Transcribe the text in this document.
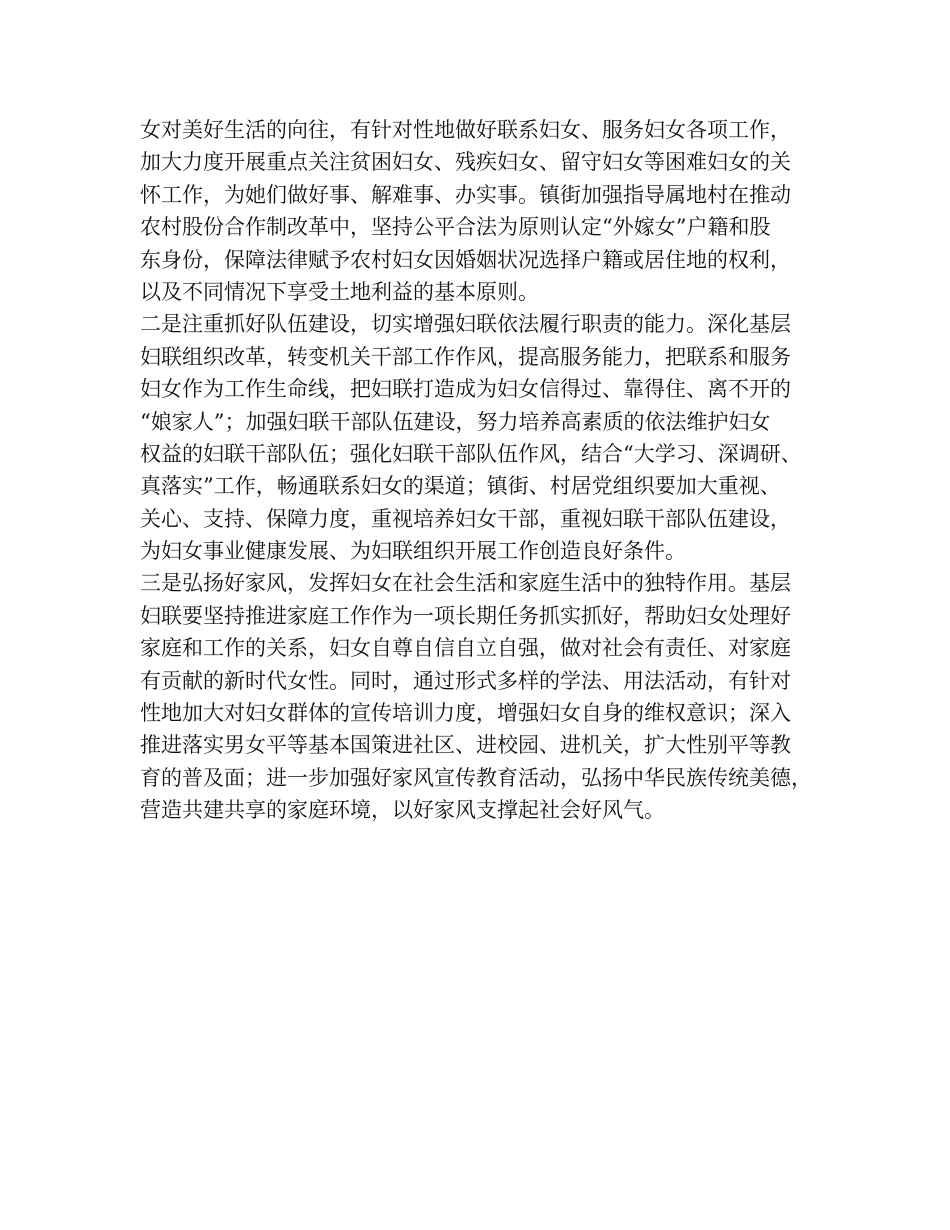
女对美好生活的向往，有针对性地做好联系妇女、服务妇女各项工作，
加大力度开展重点关注贫困妇女、残疾妇女、留守妇女等困难妇女的关
怀工作，为她们做好事、解难事、办实事。镇街加强指导属地村在推动
农村股份合作制改革中，坚持公平合法为原则认定“外嫁女”户籍和股
东身份，保障法律赋予农村妇女因婚姻状况选择户籍或居住地的权利，
以及不同情况下享受土地利益的基本原则。
二是注重抓好队伍建设，切实增强妇联依法履行职责的能力。深化基层
妇联组织改革，转变机关干部工作作风，提高服务能力，把联系和服务
妇女作为工作生命线，把妇联打造成为妇女信得过、靠得住、离不开的
“娘家人”；加强妇联干部队伍建设，努力培养高素质的依法维护妇女
权益的妇联干部队伍；强化妇联干部队伍作风，结合“大学习、深调研、
真落实”工作，畅通联系妇女的渠道；镇街、村居党组织要加大重视、
关心、支持、保障力度，重视培养妇女干部，重视妇联干部队伍建设，
为妇女事业健康发展、为妇联组织开展工作创造良好条件。
三是弘扬好家风，发挥妇女在社会生活和家庭生活中的独特作用。基层
妇联要坚持推进家庭工作作为一项长期任务抓实抓好，帮助妇女处理好
家庭和工作的关系，妇女自尊自信自立自强，做对社会有责任、对家庭
有贡献的新时代女性。同时，通过形式多样的学法、用法活动，有针对
性地加大对妇女群体的宣传培训力度，增强妇女自身的维权意识；深入
推进落实男女平等基本国策进社区、进校园、进机关，扩大性别平等教
育的普及面；进一步加强好家风宣传教育活动，弘扬中华民族传统美德，
营造共建共享的家庭环境，以好家风支撑起社会好风气。
